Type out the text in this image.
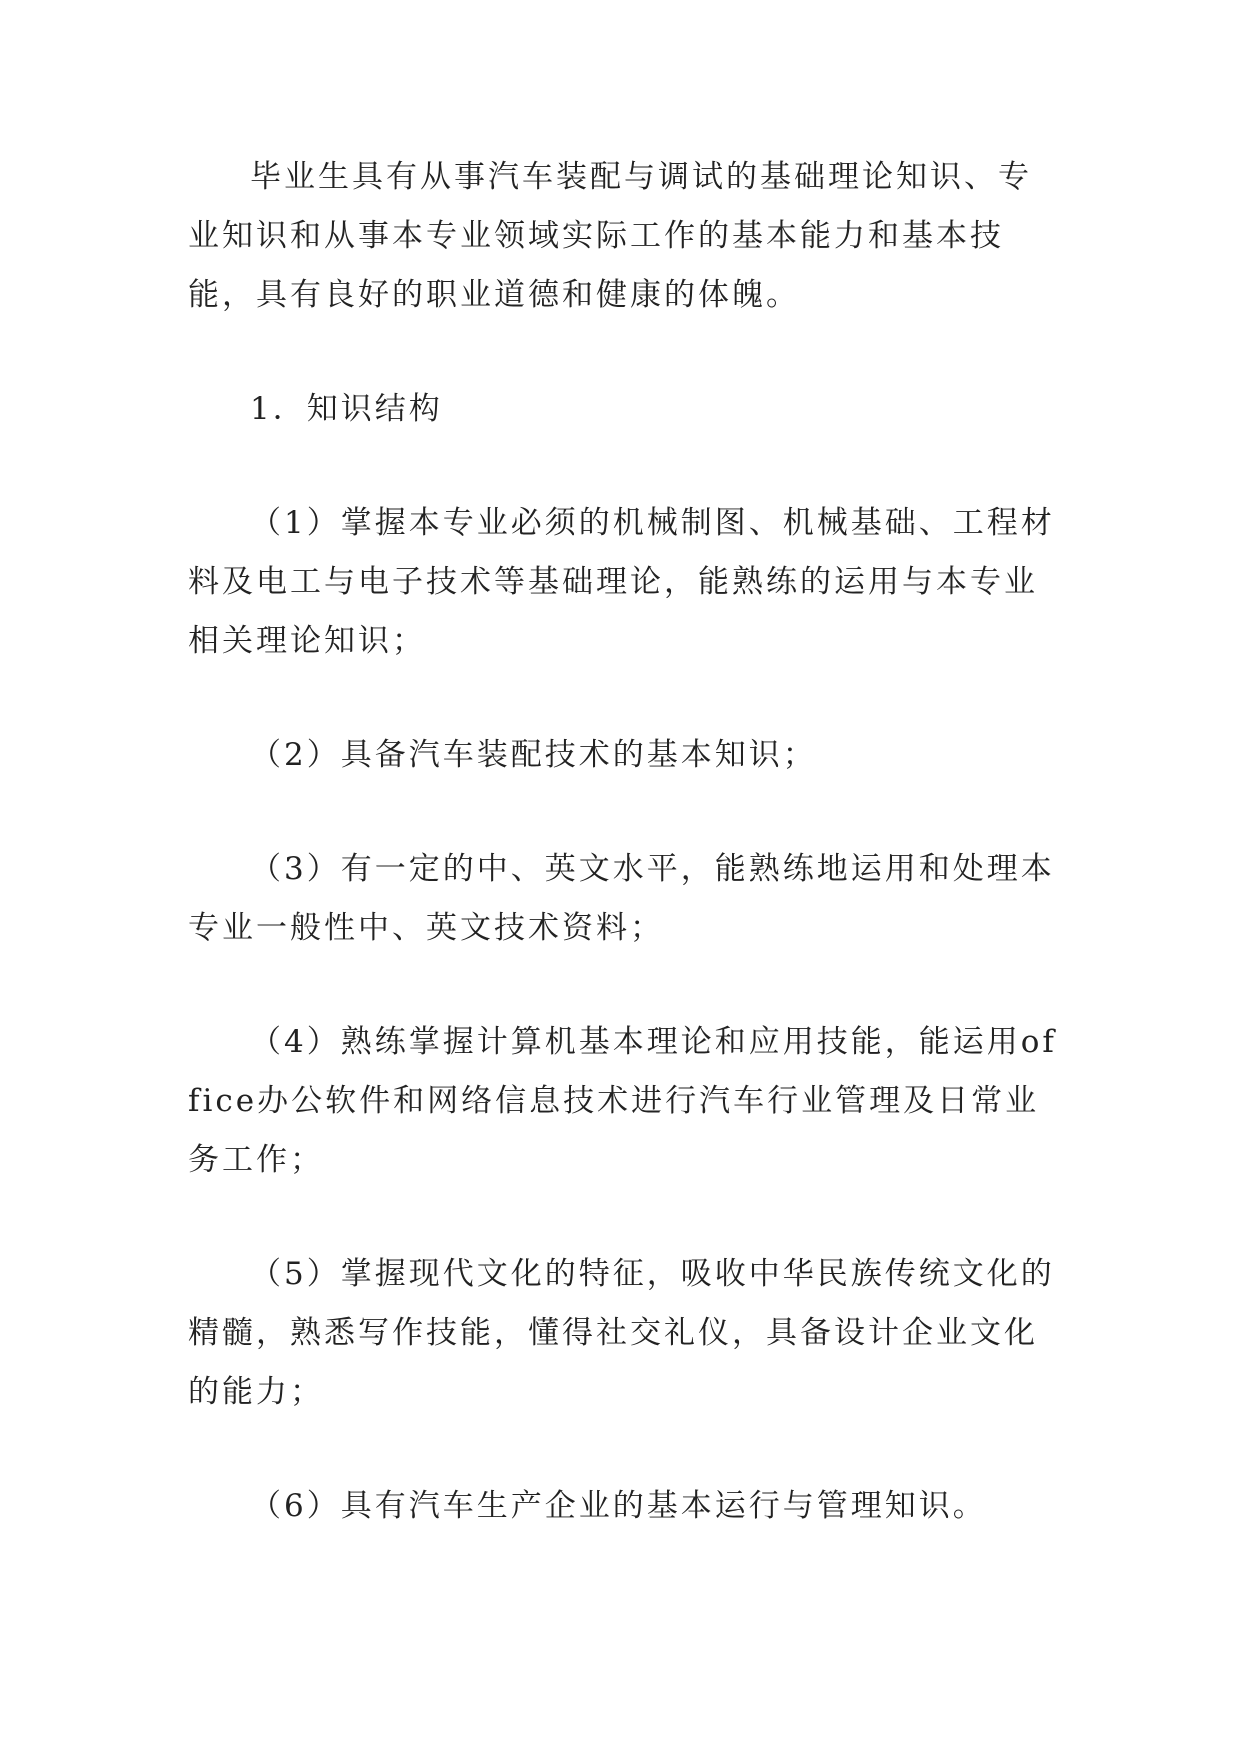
毕业生具有从事汽车装配与调试的基础理论知识、专业知识和从事本专业领域实际工作的基本能力和基本技能，具有良好的职业道德和健康的体魄。

1．知识结构

（1）掌握本专业必须的机械制图、机械基础、工程材料及电工与电子技术等基础理论，能熟练的运用与本专业相关理论知识；

（2）具备汽车装配技术的基本知识；

（3）有一定的中、英文水平，能熟练地运用和处理本专业一般性中、英文技术资料；

（4）熟练掌握计算机基本理论和应用技能，能运用office办公软件和网络信息技术进行汽车行业管理及日常业务工作；

（5）掌握现代文化的特征，吸收中华民族传统文化的精髓，熟悉写作技能，懂得社交礼仪，具备设计企业文化的能力；

（6）具有汽车生产企业的基本运行与管理知识。
